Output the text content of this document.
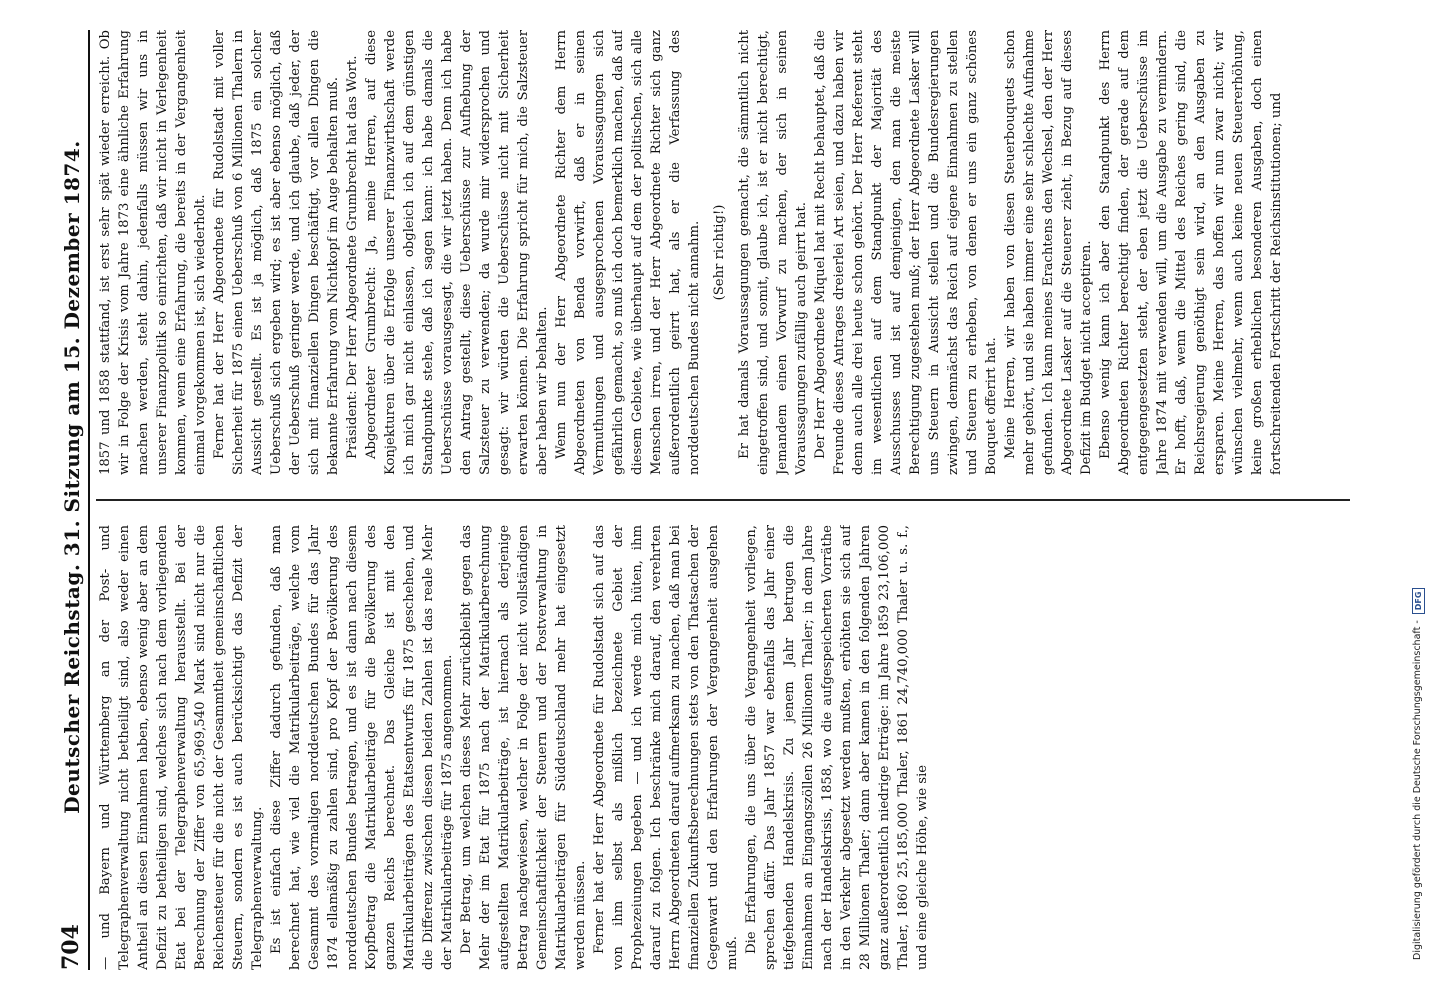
704
Deutscher Reichstag. 31. Sitzung am 15. Dezember 1874. — und Bayern und Württemberg an der Post- und Telegraphenverwaltung nicht betheiligt sind, also weder einen Antheil an diesen Einnahmen haben, ebenso wenig aber an dem Defizit zu betheiligen sind, welches sich nach dem vorliegenden Etat bei der Telegraphenverwaltung herausstellt. Bei der Berechnung der Ziffer von 65,969,540 Mark sind nicht nur die Reichensteuer für die nicht der Gesammtheit gemeinschaftlichen Steuern, sondern es ist auch berücksichtigt das Defizit der Telegraphenverwaltung. Es ist einfach diese Ziffer dadurch gefunden, daß man berechnet hat, wie viel die Matrikularbeiträge, welche vom Gesammt des vormaligen norddeutschen Bundes für das Jahr 1874 ellamäßig zu zahlen sind, pro Kopf der Bevölkerung des norddeutschen Bundes betragen, und es ist dann nach diesem Kopfbetrag die Matrikularbeiträge für die Bevölkerung des ganzen Reichs berechnet. Das Gleiche ist mit den Matrikularbeiträgen des Etatsentwurfs für 1875 geschehen, und die Differenz zwischen diesen beiden Zahlen ist das reale Mehr der Matrikularbeiträge für 1875 angenommen. Der Betrag, um welchen dieses Mehr zurückbleibt gegen das Mehr der im Etat für 1875 nach der Matrikularberechnung aufgestellten Matrikularbeiträge, ist hiernach als derjenige Betrag nachgewiesen, welcher in Folge der nicht vollständigen Gemeinschaftlichkeit der Steuern und der Postverwaltung in Matrikularbeiträgen für Süddeutschland mehr hat eingesetzt werden müssen. Ferner hat der Herr Abgeordnete für Rudolstadt sich auf das von ihm selbst als mißlich bezeichnete Gebiet der Prophezeiungen begeben — und ich werde mich hüten, ihm darauf zu folgen. Ich beschränke mich darauf, den verehrten Herrn Abgeordneten darauf aufmerksam zu machen, daß man bei finanziellen Zukunftsberechnungen stets von den Thatsachen der Gegenwart und den Erfahrungen der Vergangenheit ausgehen muß. Die Erfahrungen, die uns über die Vergangenheit vorliegen, sprechen dafür. Das Jahr 1857 war ebenfalls das Jahr einer tiefgehenden Handelskrisis. Zu jenem Jahr betrugen die Einnahmen an Eingangszöllen 26 Millionen Thaler; in dem Jahre nach der Handelskrisis, 1858, wo die aufgespeicherten Vorräthe in den Verkehr abgesetzt werden mußten, erhöhten sie sich auf 28 Millionen Thaler; dann aber kamen in den folgenden Jahren ganz außerordentlich niedrige Erträge: im Jahre 1859 23,106,000 Thaler, 1860 25,185,000 Thaler, 1861 24,740,000 Thaler u. s. f., und eine gleiche Höhe, wie sie

1857 und 1858 stattfand, ist erst sehr spät wieder erreicht. Ob wir in Folge der Krisis vom Jahre 1873 eine ähnliche Erfahrung machen werden, steht dahin, jedenfalls müssen wir uns in unserer Finanzpolitik so einrichten, daß wir nicht in Verlegenheit kommen, wenn eine Erfahrung, die bereits in der Vergangenheit einmal vorgekommen ist, sich wiederholt. Ferner hat der Herr Abgeordnete für Rudolstadt mit voller Sicherheit für 1875 einen Ueberschuß von 6 Millionen Thalern in Aussicht gestellt. Es ist ja möglich, daß 1875 ein solcher Ueberschuß sich ergeben wird; es ist aber ebenso möglich, daß der Ueberschuß geringer werde, und ich glaube, daß jeder, der sich mit finanziellen Dingen beschäftigt, vor allen Dingen die bekannte Erfahrung vom Nichtkopf im Auge behalten muß. Präsident: Der Herr Abgeordnete Grumbrecht hat das Wort. Abgeordneter Grumbrecht: Ja, meine Herren, auf diese Konjekturen über die Erfolge unserer Finanzwirthschaft werde ich mich gar nicht einlassen, obgleich ich auf dem günstigen Standpunkte stehe, daß ich sagen kann: ich habe damals die Ueberschüsse vorausgesagt, die wir jetzt haben. Denn ich habe den Antrag gestellt, diese Ueberschüsse zur Aufhebung der Salzsteuer zu verwenden; da wurde mir widersprochen und gesagt: wir würden die Ueberschüsse nicht mit Sicherheit erwarten können. Die Erfahrung spricht für mich, die Salzsteuer aber haben wir behalten. Wenn nun der Herr Abgeordnete Richter dem Herrn Abgeordneten von Benda vorwirft, daß er in seinen Vermuthungen und ausgesprochenen Voraussagungen sich gefährlich gemacht, so muß ich doch bemerklich machen, daß auf diesem Gebiete, wie überhaupt auf dem der politischen, sich alle Menschen irren, und der Herr Abgeordnete Richter sich ganz außerordentlich geirrt hat, als er die Verfassung des norddeutschen Bundes nicht annahm. (Sehr richtig!) Er hat damals Voraussagungen gemacht, die sämmtlich nicht eingetroffen sind, und somit, glaube ich, ist er nicht berechtigt, Jemandem einen Vorwurf zu machen, der sich in seinen Voraussagungen zufällig auch geirrt hat. Der Herr Abgeordnete Miquel hat mit Recht behauptet, daß die Freunde dieses Antrages dreierlei Art seien, und dazu haben wir denn auch alle drei heute schon gehört. Der Herr Referent steht im wesentlichen auf dem Standpunkt der Majorität des Ausschusses und ist auf demjenigen, den man die meiste Berechtigung zugestehen muß; der Herr Abgeordnete Lasker will uns Steuern in Aussicht stellen und die Bundesregierungen zwingen, demnächst das Reich auf eigene Einnahmen zu stellen und Steuern zu erheben, von denen er uns ein ganz schönes Bouquet offerirt hat. Meine Herren, wir haben von diesen Steuerbouquets schon mehr gehört, und sie haben immer eine sehr schlechte Aufnahme gefunden. Ich kann meines Erachtens den Wechsel, den der Herr Abgeordnete Lasker auf die Steuerer zieht, in Bezug auf dieses Defizit im Budget nicht acceptiren. Ebenso wenig kann ich aber den Standpunkt des Herrn Abgeordneten Richter berechtigt finden, der gerade auf dem entgegengesetzten steht, der eben jetzt die Ueberschüsse im Jahre 1874 mit verwenden will, um die Ausgabe zu vermindern. Er hofft, daß, wenn die Mittel des Reiches gering sind, die Reichsregierung genöthigt sein wird, an den Ausgaben zu ersparen. Meine Herren, das hoffen wir nun zwar nicht; wir wünschen vielmehr, wenn auch keine neuen Steuererhöhung, keine großen erheblichen besonderen Ausgaben, doch einen fortschreitenden Fortschritt der Reichsinstitutionen; und

Digitalisierung gefördert durch die Deutsche Forschungsgemeinschaft -
DFG
